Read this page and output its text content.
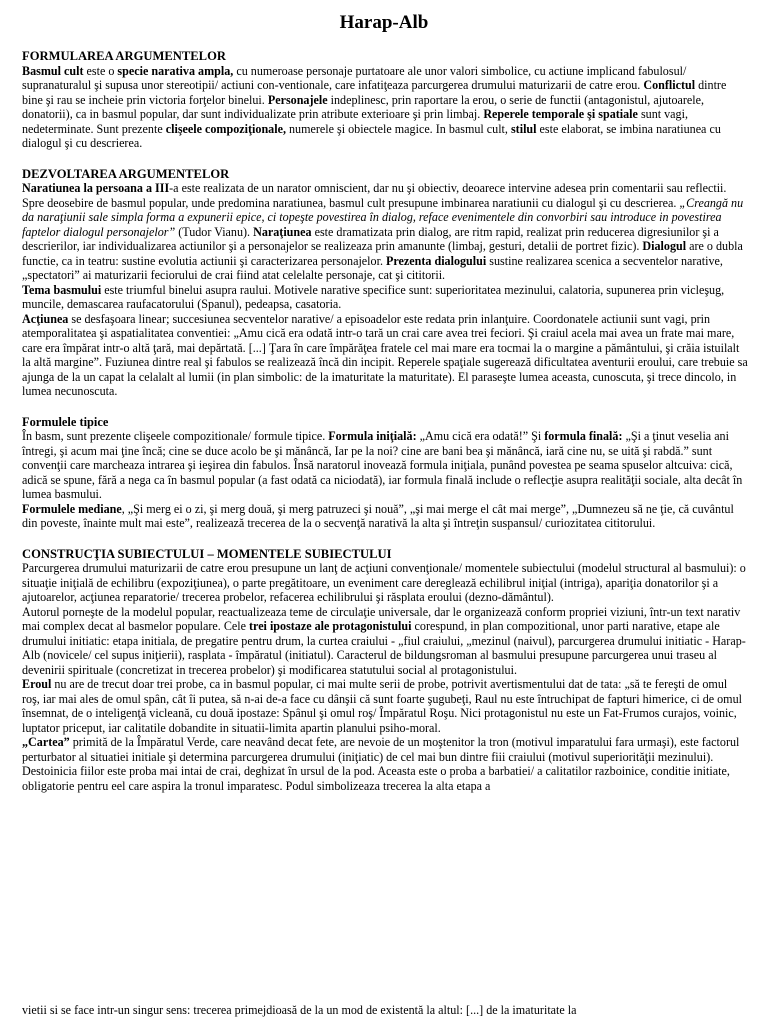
Harap-Alb
FORMULAREA ARGUMENTELOR

Basmul cult este o specie narativa ampla, cu numeroase personaje purtatoare ale unor valori simbolice, cu actiune implicand fabulosul/ supranaturalul şi supusa unor stereotipii/ actiuni con-ventionale, care infatiţeaza parcurgerea drumului maturizarii de catre erou. Conflictul dintre bine şi rau se incheie prin victoria forţelor binelui. Personajele indeplinesc, prin raportare la erou, o serie de functii (antagonistul, ajutoarele, donatorii), ca in basmul popular, dar sunt individualizate prin atribute exterioare şi prin limbaj. Reperele temporale şi spatiale sunt vagi, nedeterminate. Sunt prezente clişeele compoziţionale, numerele şi obiectele magice. In basmul cult, stilul este elaborat, se imbina naratiunea cu dialogul şi cu descrierea.

DEZVOLTAREA ARGUMENTELOR

Naratiunea la persoana a III-a este realizata de un narator omniscient, dar nu şi obiectiv, deoarece intervine adesea prin comentarii sau reflectii.

Spre deosebire de basmul popular, unde predomina naratiunea, basmul cult presupune imbinarea naratiunii cu dialogul şi cu descrierea. „Creangă nu da naraţiunii sale simpla forma a expunerii epice, ci topeşte povestirea în dialog, reface evenimentele din convorbiri sau introduce in povestirea faptelor dialogul personajelor” (Tudor Vianu). Naraţiunea este dramatizata prin dialog, are ritm rapid, realizat prin reducerea digresiunilor şi a descrierilor, iar individualizarea actiunilor şi a personajelor se realizeaza prin amanunte (limbaj, gesturi, detalii de portret fizic). Dialogul are o dubla functie, ca in teatru: sustine evolutia actiunii şi caracterizarea personajelor. Prezenta dialogului sustine realizarea scenica a secventelor narative, „spectatori” ai maturizarii feciorului de crai fiind atat celelalte personaje, cat şi cititorii.

Tema basmului este triumful binelui asupra raului. Motivele narative specifice sunt: superioritatea mezinului, calatoria, supunerea prin vicleşug, muncile, demascarea raufacatorului (Spanul), pedeapsa, casatoria.

Acţiunea se desfaşoara linear; succesiunea secventelor narative/ a episoadelor este redata prin inlanţuire. Coordonatele actiunii sunt vagi, prin atemporalitatea şi aspatialitatea conventiei: „Amu cică era odată intr-o tară un crai care avea trei feciori. Şi craiul acela mai avea un frate mai mare, care era împărat intr-o altă ţară, mai depărtată. [...] Ţara în care împărăţea fratele cel mai mare era tocmai la o margine a pământului, şi crăia istuilalt la altă margine”. Fuziunea dintre real şi fabulos se realizează încă din incipit. Reperele spaţiale sugerează dificultatea aventurii eroului, care trebuie sa ajunga de la un capat la celalalt al lumii (in plan simbolic: de la imaturitate la maturitate). El paraseşte lumea aceasta, cunoscuta, şi trece dincolo, in lumea necunoscuta.

Formulele tipice

În basm, sunt prezente clişeele compozitionale/ formule tipice. Formula iniţială: „Amu cică era odată!” Şi formula finală: „Şi a ţinut veselia ani întregi, şi acum mai ţine încă; cine se duce acolo be şi mănâncă, Iar pe la noi? cine are bani bea şi mănâncă, iară cine nu, se uită şi rabdă.” sunt convenţii care marcheaza intrarea şi ieşirea din fabulos. Însă naratorul inovează formula iniţiala, punând povestea pe seama spuselor altcuiva: cică, adică se spune, fără a nega ca în basmul popular (a fast odată ca niciodată), iar formula finală include o reflecţie asupra realităţii sociale, alta decât în lumea basmului.

Formulele mediane, „Şi merg ei o zi, şi merg două, şi merg patruzeci şi nouă”, „şi mai merge el cât mai merge”, „Dumnezeu să ne ţie, că cuvântul din poveste, înainte mult mai este”, realizează trecerea de la o secvenţă narativă la alta şi întreţin suspansul/ curiozitatea cititorului.

CONSTRUCŢIA SUBIECTULUI – MOMENTELE SUBIECTULUI

Parcurgerea drumului maturizarii de catre erou presupune un lanţ de acţiuni convenţionale/ momentele subiectului (modelul structural al basmului): o situaţie iniţială de echilibru (expoziţiunea), o parte pregătitoare, un eveniment care deregleazǎ echilibrul iniţial (intriga), apariţia donatorilor şi a ajutoarelor, acţiunea reparatorie/ trecerea probelor, refacerea echilibrului şi răsplata eroului (dezno-dǎmântul).

Autorul porneşte de la modelul popular, reactualizeaza teme de circulaţie universale, dar le organizează conform propriei viziuni, într-un text narativ mai complex decat al basmelor populare. Cele trei ipostaze ale protagonistului corespund, in plan compozitional, unor parti narative, etape ale drumului initiatic: etapa initiala, de pregatire pentru drum, la curtea craiului - „fiul craiului, „mezinul (naivul), parcurgerea drumului initiatic - Harap-Alb (novicele/ cel supus iniţierii), rasplata - împăratul (initiatul). Caracterul de bildungsroman al basmului presupune parcurgerea unui traseu al devenirii spirituale (concretizat in trecerea probelor) şi modificarea statutului social al protagonistului.

Eroul nu are de trecut doar trei probe, ca in basmul popular, ci mai multe serii de probe, potrivit avertismentului dat de tata: „să te fereşti de omul roş, iar mai ales de omul spân, cât îi putea, să n-ai de-a face cu dânşii că sunt foarte şugubeţi, Raul nu este întruchipat de fapturi himerice, ci de omul însemnat, de o inteligenţă vicleană, cu două ipostaze: Spânul şi omul roş/ Împăratul Roşu. Nici protagonistul nu este un Fat-Frumos curajos, voinic, luptator priceput, iar calitatile dobandite in situatii-limita apartin planului psiho-moral.

„Cartea” primită de la Împăratul Verde, care neavând decat fete, are nevoie de un moştenitor la tron (motivul imparatului fara urmaşi), este factorul perturbator al situatiei initiale şi determina parcurgerea drumului (iniţiatic) de cel mai bun dintre fiii craiului (motivul superiorităţii mezinului).

Destoinicia fiilor este proba mai intai de crai, deghizat în ursul de la pod. Aceasta este o proba a barbatiei/ a calitatilor razboinice, conditie initiate, obligatorie pentru eel care aspira la tronul imparatesc. Podul simbolizeaza trecerea la alta etapa a

vietii si se face intr-un singur sens: trecerea primejdioasă de la un mod de existentă la altul: [...] de la imaturitate la
